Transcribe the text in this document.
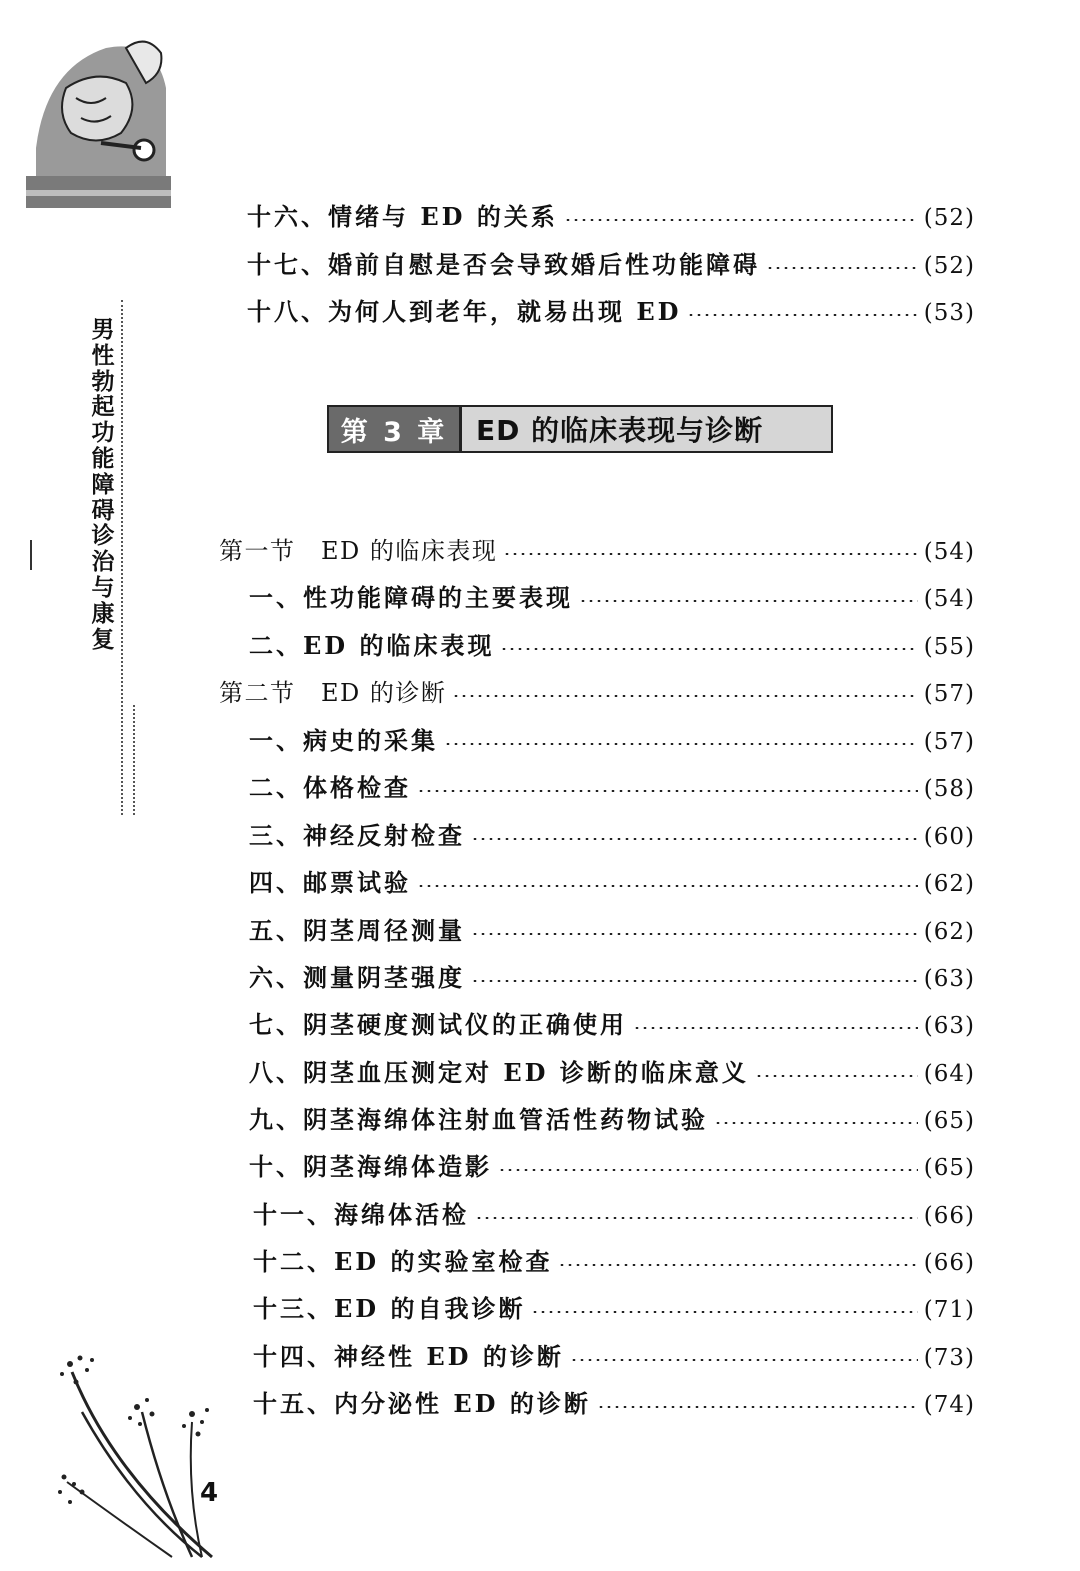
男性勃起功能障碍诊治与康复
第 3 章	ED 的临床表现与诊断
十六、情绪与 ED 的关系	(52)
十七、婚前自慰是否会导致婚后性功能障碍	(52)
十八、为何人到老年，就易出现 ED	(53)
第一节　ED 的临床表现	(54)
一、性功能障碍的主要表现	(54)
二、ED 的临床表现	(55)
第二节　ED 的诊断	(57)
一、病史的采集	(57)
二、体格检查	(58)
三、神经反射检查	(60)
四、邮票试验	(62)
五、阴茎周径测量	(62)
六、测量阴茎强度	(63)
七、阴茎硬度测试仪的正确使用	(63)
八、阴茎血压测定对 ED 诊断的临床意义	(64)
九、阴茎海绵体注射血管活性药物试验	(65)
十、阴茎海绵体造影	(65)
十一、海绵体活检	(66)
十二、ED 的实验室检查	(66)
十三、ED 的自我诊断	(71)
十四、神经性 ED 的诊断	(73)
十五、内分泌性 ED 的诊断	(74)
4
